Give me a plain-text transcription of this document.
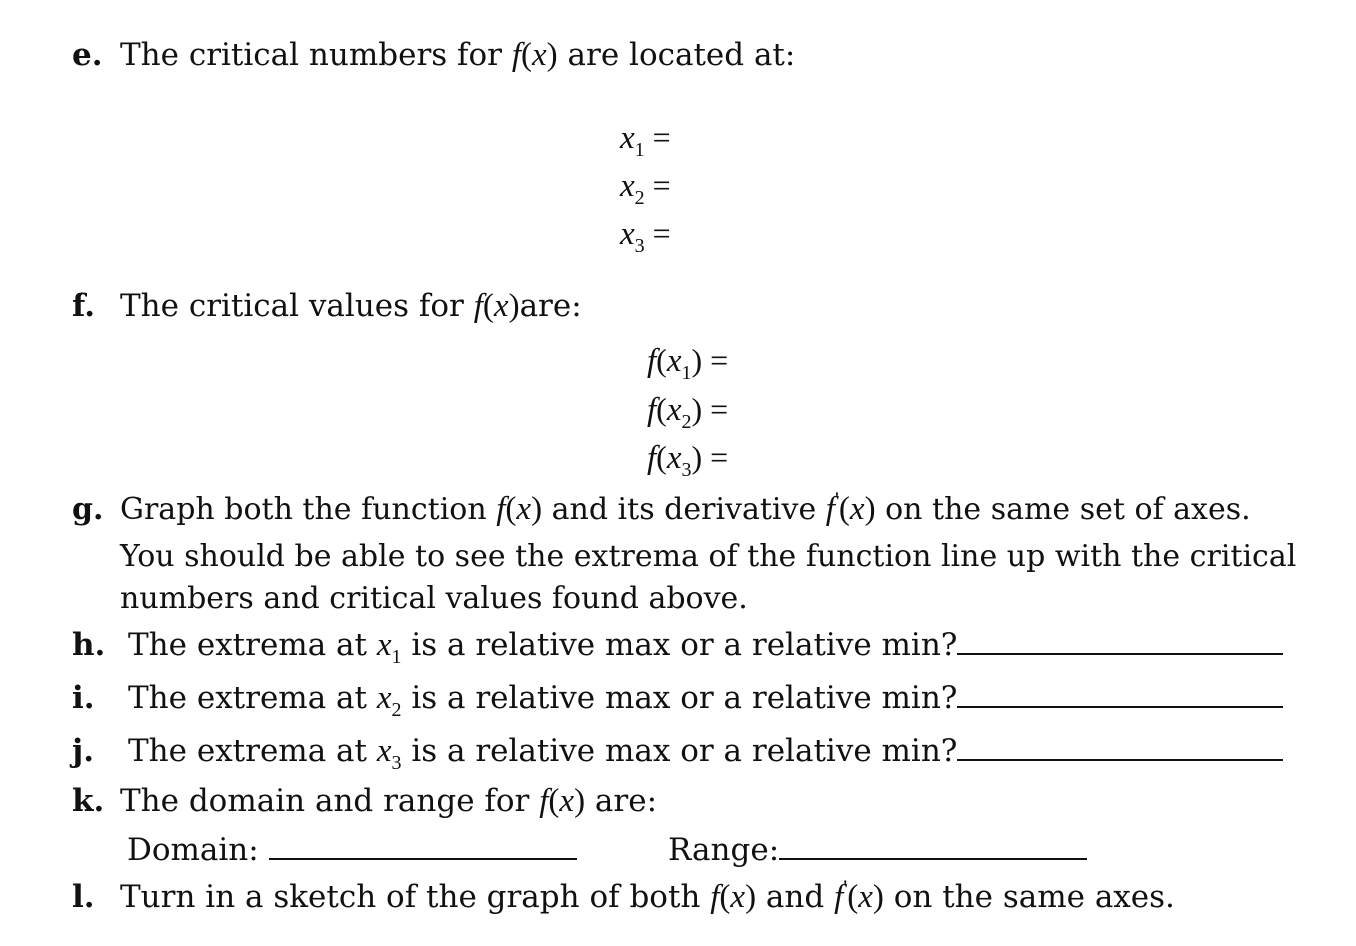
e. The critical numbers for f(x) are located at:
$x_1$ =
$x_2$ =
$x_3$ =
f. The critical values for f(x)are:
$f(x_1)$ =
$f(x_2)$ =
$f(x_3)$ =
g. Graph both the function f(x) and its derivative f'(x) on the same set of axes.
You should be able to see the extrema of the function line up with the critical
numbers and critical values found above.
h. The extrema at $x_1$ is a relative max or a relative min?
i. The extrema at $x_2$ is a relative max or a relative min?
j. The extrema at $x_3$ is a relative max or a relative min?
k. The domain and range for f(x) are:
Domain:	Range:
l. Turn in a sketch of the graph of both f(x) and f'(x) on the same axes.
